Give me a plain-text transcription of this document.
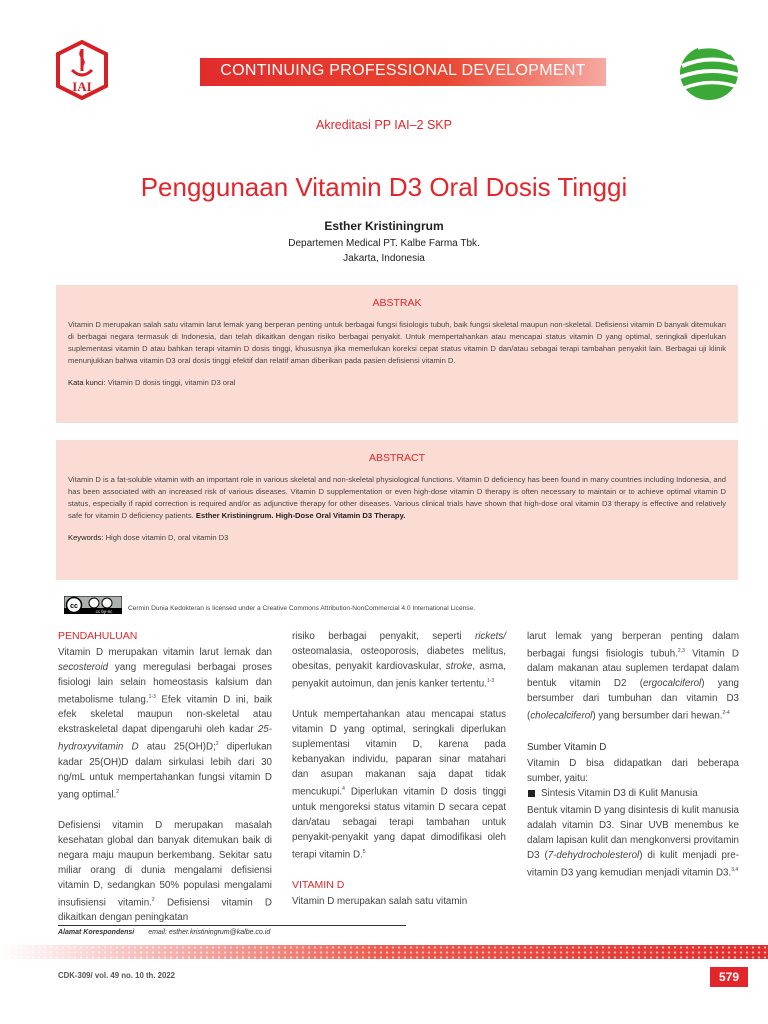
IAI
CONTINUING PROFESSIONAL DEVELOPMENT
Akreditasi PP IAI–2 SKP
Penggunaan Vitamin D3 Oral Dosis Tinggi
Esther Kristiningrum
Departemen Medical PT. Kalbe Farma Tbk.
Jakarta, Indonesia
ABSTRAK
Vitamin D merupakan salah satu vitamin larut lemak yang berperan penting untuk berbagai fungsi fisiologis tubuh, baik fungsi skeletal maupun non-skeletal. Defisiensi vitamin D banyak ditemukan di berbagai negara termasuk di Indonesia, dan telah dikaitkan dengan risiko berbagai penyakit. Untuk mempertahankan atau mencapai status vitamin D yang optimal, seringkali diperlukan suplementasi vitamin D atau bahkan terapi vitamin D dosis tinggi, khususnya jika memerlukan koreksi cepat status vitamin D dan/atau sebagai terapi tambahan penyakit lain. Berbagai uji klinik menunjukkan bahwa vitamin D3 oral dosis tinggi efektif dan relatif aman diberikan pada pasien defisiensi vitamin D.
Kata kunci: Vitamin D dosis tinggi, vitamin D3 oral
ABSTRACT
Vitamin D is a fat-soluble vitamin with an important role in various skeletal and non-skeletal physiological functions. Vitamin D deficiency has been found in many countries including Indonesia, and has been associated with an increased risk of various diseases. Vitamin D supplementation or even high-dose vitamin D therapy is often necessary to maintain or to achieve optimal vitamin D status, especially if rapid correction is required and/or as adjunctive therapy for other diseases. Various clinical trials have shown that high-dose oral vitamin D3 therapy is effective and relatively safe for vitamin D deficiency patients. Esther Kristiningrum. High-Dose Oral Vitamin D3 Therapy.
Keywords: High dose vitamin D, oral vitamin D3
cc
cc by-nc Cermin Dunia Kedokteran is licensed under a Creative Commons Attribution-NonCommercial 4.0 International License.
PENDAHULUAN

Vitamin D merupakan vitamin larut lemak dan secosteroid yang meregulasi berbagai proses fisiologi lain selain homeostasis kalsium dan metabolisme tulang.$^{1-3}$ Efek vitamin D ini, baik efek skeletal maupun non-skeletal atau ekstraskeletal dapat dipengaruhi oleh kadar 25-hydroxyvitamin D atau 25(OH)D;$^2$ diperlukan kadar 25(OH)D dalam sirkulasi lebih dari 30 ng/mL untuk mempertahankan fungsi vitamin D yang optimal.$^2$

Defisiensi vitamin D merupakan masalah kesehatan global dan banyak ditemukan baik di negara maju maupun berkembang. Sekitar satu miliar orang di dunia mengalami defisiensi vitamin D, sedangkan 50% populasi mengalami insufisiensi vitamin.$^2$ Defisiensi vitamin D dikaitkan dengan peningkatan

risiko berbagai penyakit, seperti rickets/ osteomalasia, osteoporosis, diabetes melitus, obesitas, penyakit kardiovaskular, stroke, asma, penyakit autoimun, dan jenis kanker tertentu.$^{1-3}$

Untuk mempertahankan atau mencapai status vitamin D yang optimal, seringkali diperlukan suplementasi vitamin D, karena pada kebanyakan individu, paparan sinar matahari dan asupan makanan saja dapat tidak mencukupi.$^4$ Diperlukan vitamin D dosis tinggi untuk mengoreksi status vitamin D secara cepat dan/atau sebagai terapi tambahan untuk penyakit-penyakit yang dapat dimodifikasi oleh terapi vitamin D.$^5$

VITAMIN D

Vitamin D merupakan salah satu vitamin

larut lemak yang berperan penting dalam berbagai fungsi fisiologis tubuh.$^{2,3}$ Vitamin D dalam makanan atau suplemen terdapat dalam bentuk vitamin D2 (ergocalciferol) yang bersumber dari tumbuhan dan vitamin D3 (cholecalciferol) yang bersumber dari hewan.$^{2-4}$

Sumber Vitamin D
Vitamin D bisa didapatkan dari beberapa sumber, yaitu:
Sintesis Vitamin D3 di Kulit Manusia

Bentuk vitamin D yang disintesis di kulit manusia adalah vitamin D3. Sinar UVB menembus ke dalam lapisan kulit dan mengkonversi provitamin D3 (7-dehydrocholesterol) di kulit menjadi pre-vitamin D3 yang kemudian menjadi vitamin D3.$^{3,4}$

Alamat Korespondensi email: esther.kristiningrum@kalbe.co.id
CDK-309/ vol. 49 no. 10 th. 2022	579
